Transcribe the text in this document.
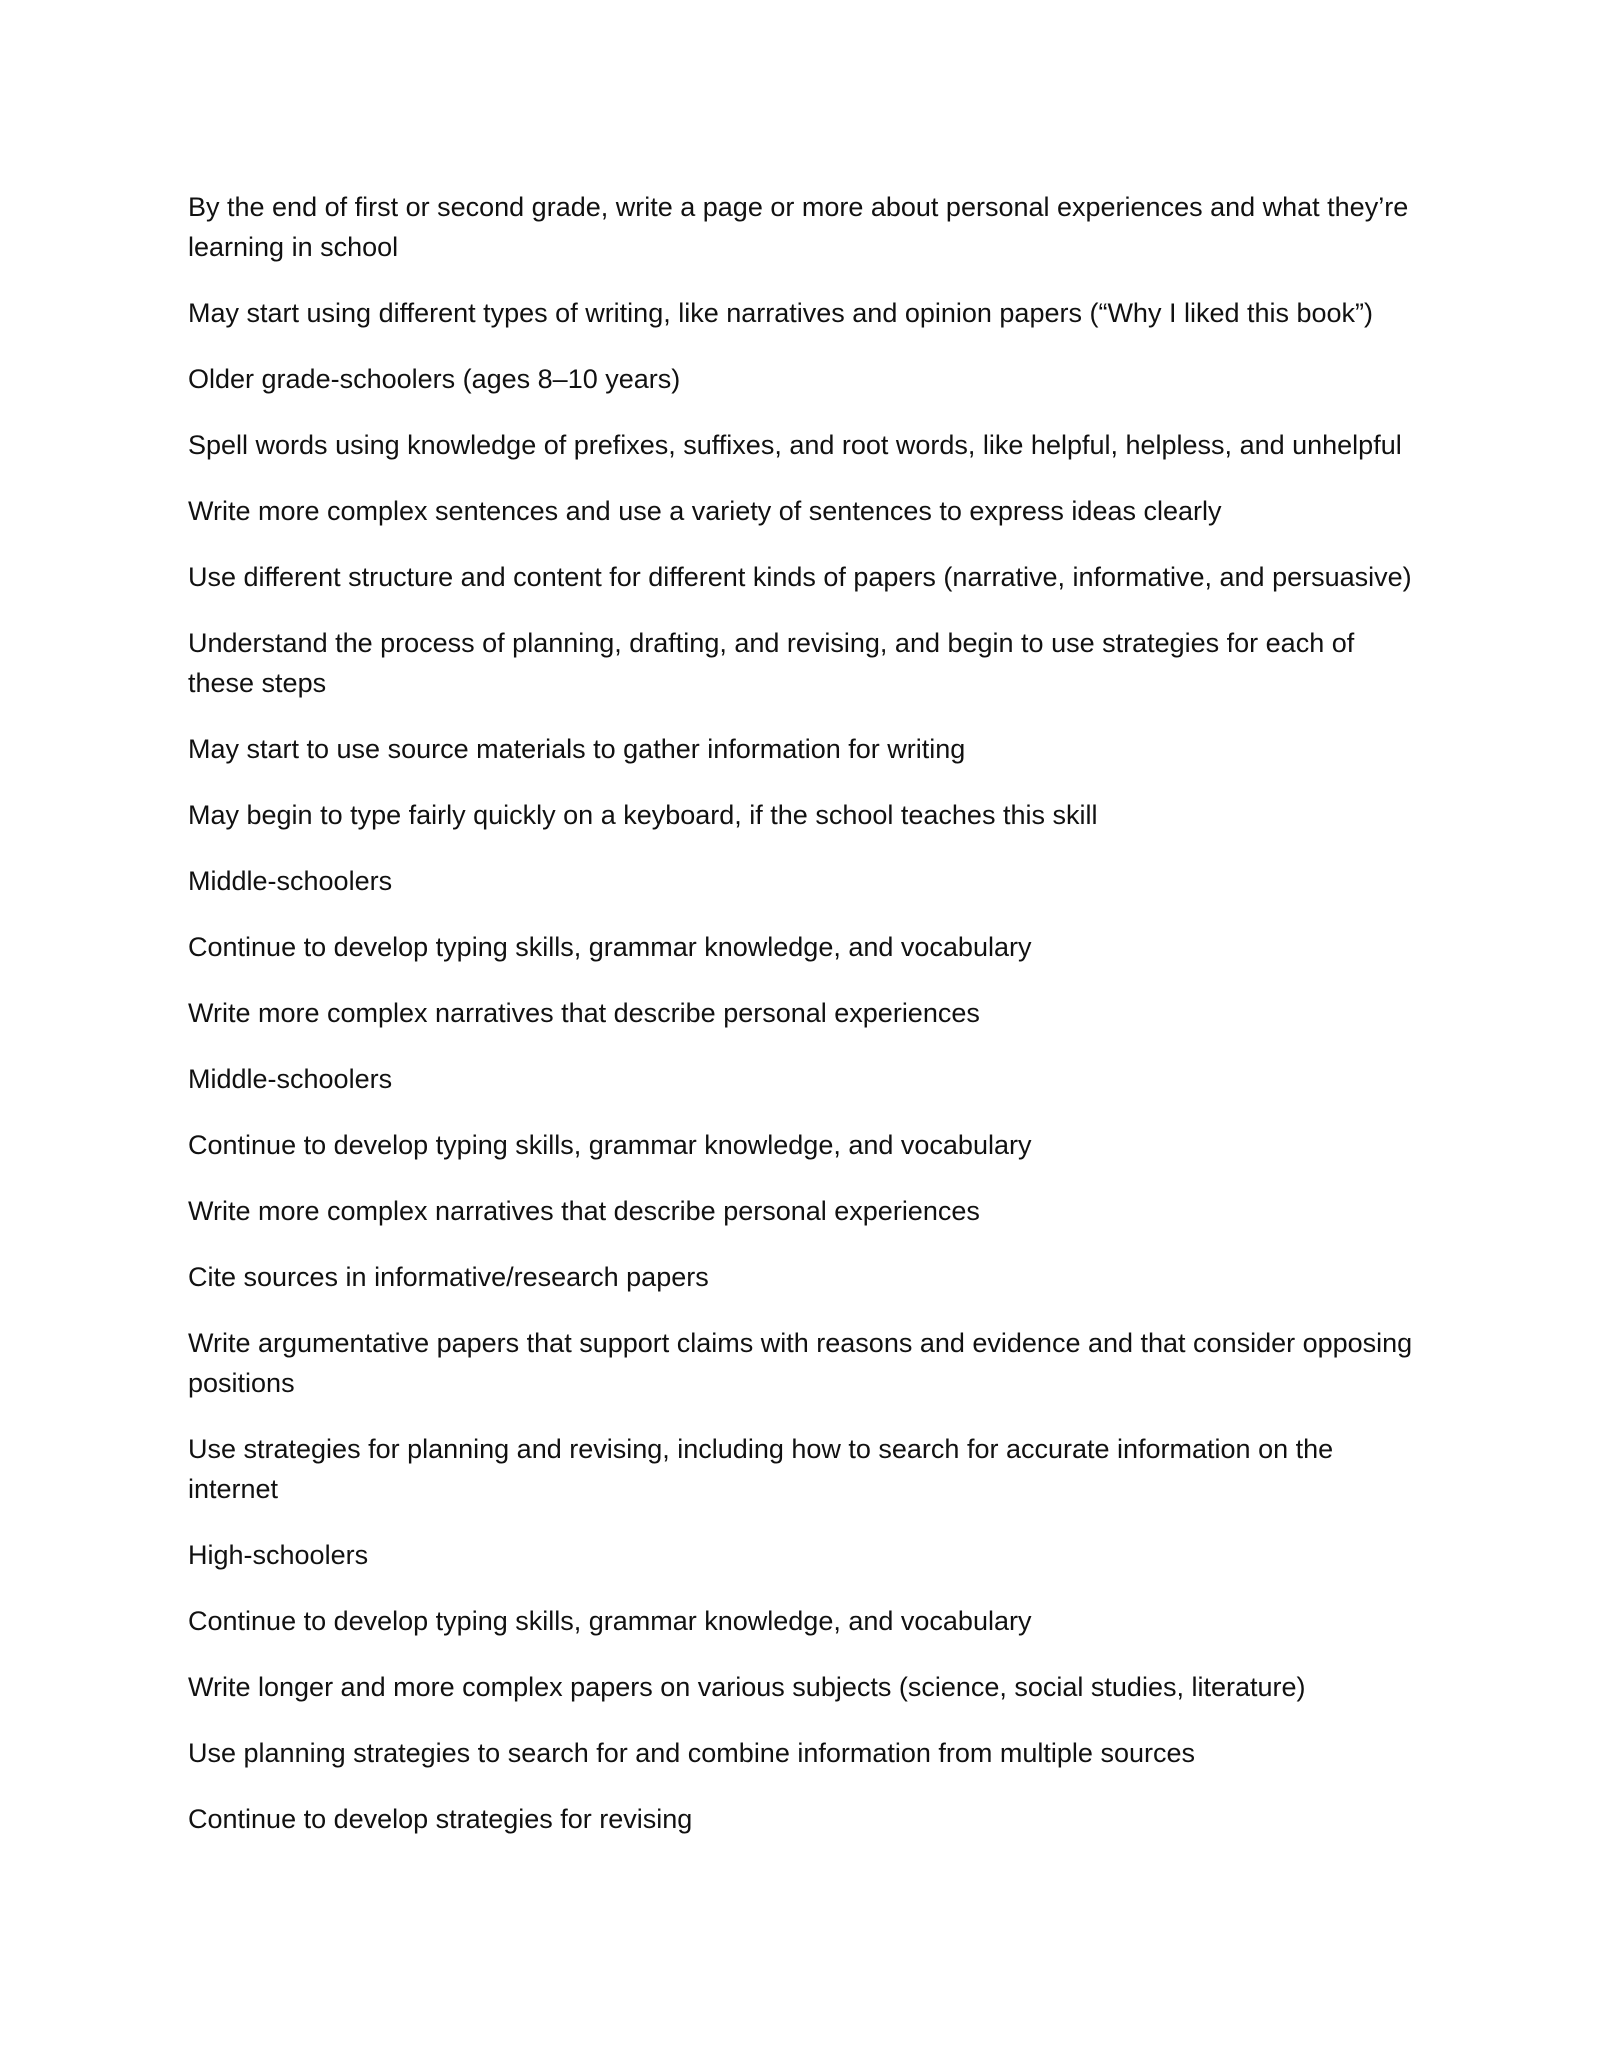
By the end of first or second grade, write a page or more about personal experiences and what they’re learning in school

May start using different types of writing, like narratives and opinion papers (“Why I liked this book”)

Older grade-schoolers (ages 8–10 years)

Spell words using knowledge of prefixes, suffixes, and root words, like helpful, helpless, and unhelpful

Write more complex sentences and use a variety of sentences to express ideas clearly

Use different structure and content for different kinds of papers (narrative, informative, and persuasive)

Understand the process of planning, drafting, and revising, and begin to use strategies for each of these steps

May start to use source materials to gather information for writing

May begin to type fairly quickly on a keyboard, if the school teaches this skill

Middle-schoolers

Continue to develop typing skills, grammar knowledge, and vocabulary

Write more complex narratives that describe personal experiences

Middle-schoolers

Continue to develop typing skills, grammar knowledge, and vocabulary

Write more complex narratives that describe personal experiences

Cite sources in informative/research papers

Write argumentative papers that support claims with reasons and evidence and that consider opposing positions

Use strategies for planning and revising, including how to search for accurate information on the internet

High-schoolers

Continue to develop typing skills, grammar knowledge, and vocabulary

Write longer and more complex papers on various subjects (science, social studies, literature)

Use planning strategies to search for and combine information from multiple sources

Continue to develop strategies for revising
